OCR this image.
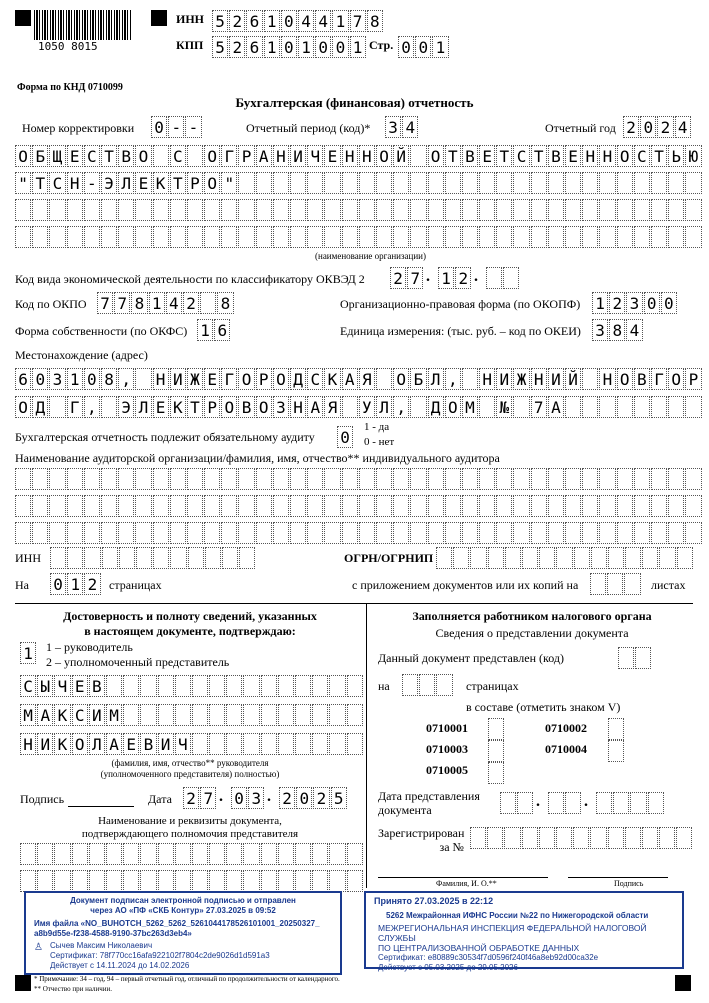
1050 8015
ИНН 5 2 6 1 0 4 4 1 7 8
КПП 5 2 6 1 0 1 0 0 1 Стр. 0 0 1
Форма по КНД 0710099
Бухгалтерская (финансовая) отчетность
Номер корректировки 0 - -	Отчетный период (код)* 3 4	Отчетный год 2 0 2 4
О Б Щ Е С Т В О С О Г Р А Н И Ч Е Н Н О Й О Т В Е Т С Т В Е Н Н О С Т Ь Ю
" Т С Н - Э Л Е К Т Р О "
(наименование организации)
Код вида экономической деятельности по классификатору ОКВЭД 2 2 7 . 1 2 .
Код по ОКПО 7 7 8 1 4 2 8	Организационно-правовая форма (по ОКОПФ) 1 2 3 0 0
Форма собственности (по ОКФС) 1 6	Единица измерения: (тыс. руб. – код по ОКЕИ) 3 8 4
Местонахождение (адрес)
6 0 3 1 0 8 , Н И Ж Е Г О Р О Д С К А Я О Б Л , Н И Ж Н И Й Н О В Г О Р
О Д Г , Э Л Е К Т Р О В О З Н А Я У Л , Д О М № 7 А
Бухгалтерская отчетность подлежит обязательному аудиту 0
1 - да
0 - нет
Наименование аудиторской организации/фамилия, имя, отчество** индивидуального аудитора
ИНН	ОГРН/ОГРНИП
На 0 1 2 страницах	с приложением документов или их копий на	листах
Достоверность и полноту сведений, указанных
в настоящем документе, подтверждаю:
1 1 – руководитель
2 – уполномоченный представитель
С Ы Ч Е В
М А К С И М
Н И К О Л А Е В И Ч
(фамилия, имя, отчество** руководителя
(уполномоченного представителя) полностью)
Подпись	Дата 2 7 . 0 3 . 2 0 2 5
Наименование и реквизиты документа,
подтверждающего полномочия представителя
Заполняется работником налогового органа
Сведения о представлении документа
Данный документ представлен (код)
на	страницах
в составе (отметить знаком V)
0710001	0710002
0710003	0710004
0710005
Дата представления
документа	.	.
Зарегистрирован
за №
Фамилия, И. О.**	Подпись
Документ подписан электронной подписью и отправлен
через АО «ПФ «СКБ Контур» 27.03.2025 в 09:52
Имя файла «NO_BUHOTCH_5262_5262_5261044178526101001_20250327_
a8b9d55e-f238-4588-9190-37bc263d3eb4»
Сычев Максим Николаевич
Сертификат: 78f770cc16afa922102f7804c2de9026d1d591a3
Действует с 14.11.2024 до 14.02.2026
♙
Принято 27.03.2025 в 22:12
5262 Межрайонная ИФНС России №22 по Нижегородской области
МЕЖРЕГИОНАЛЬНАЯ ИНСПЕКЦИЯ ФЕДЕРАЛЬНОЙ НАЛОГОВОЙ СЛУЖБЫ
ПО ЦЕНТРАЛИЗОВАННОЙ ОБРАБОТКЕ ДАННЫХ
Сертификат: e80889c30534f7d0596f240f46a8eb92d00ca32e
Действует с 05.03.2025 до 29.05.2026
* Примечание: 34 – год, 94 – первый отчетный год, отличный по продолжительности от календарного.
** Отчество при наличии.
